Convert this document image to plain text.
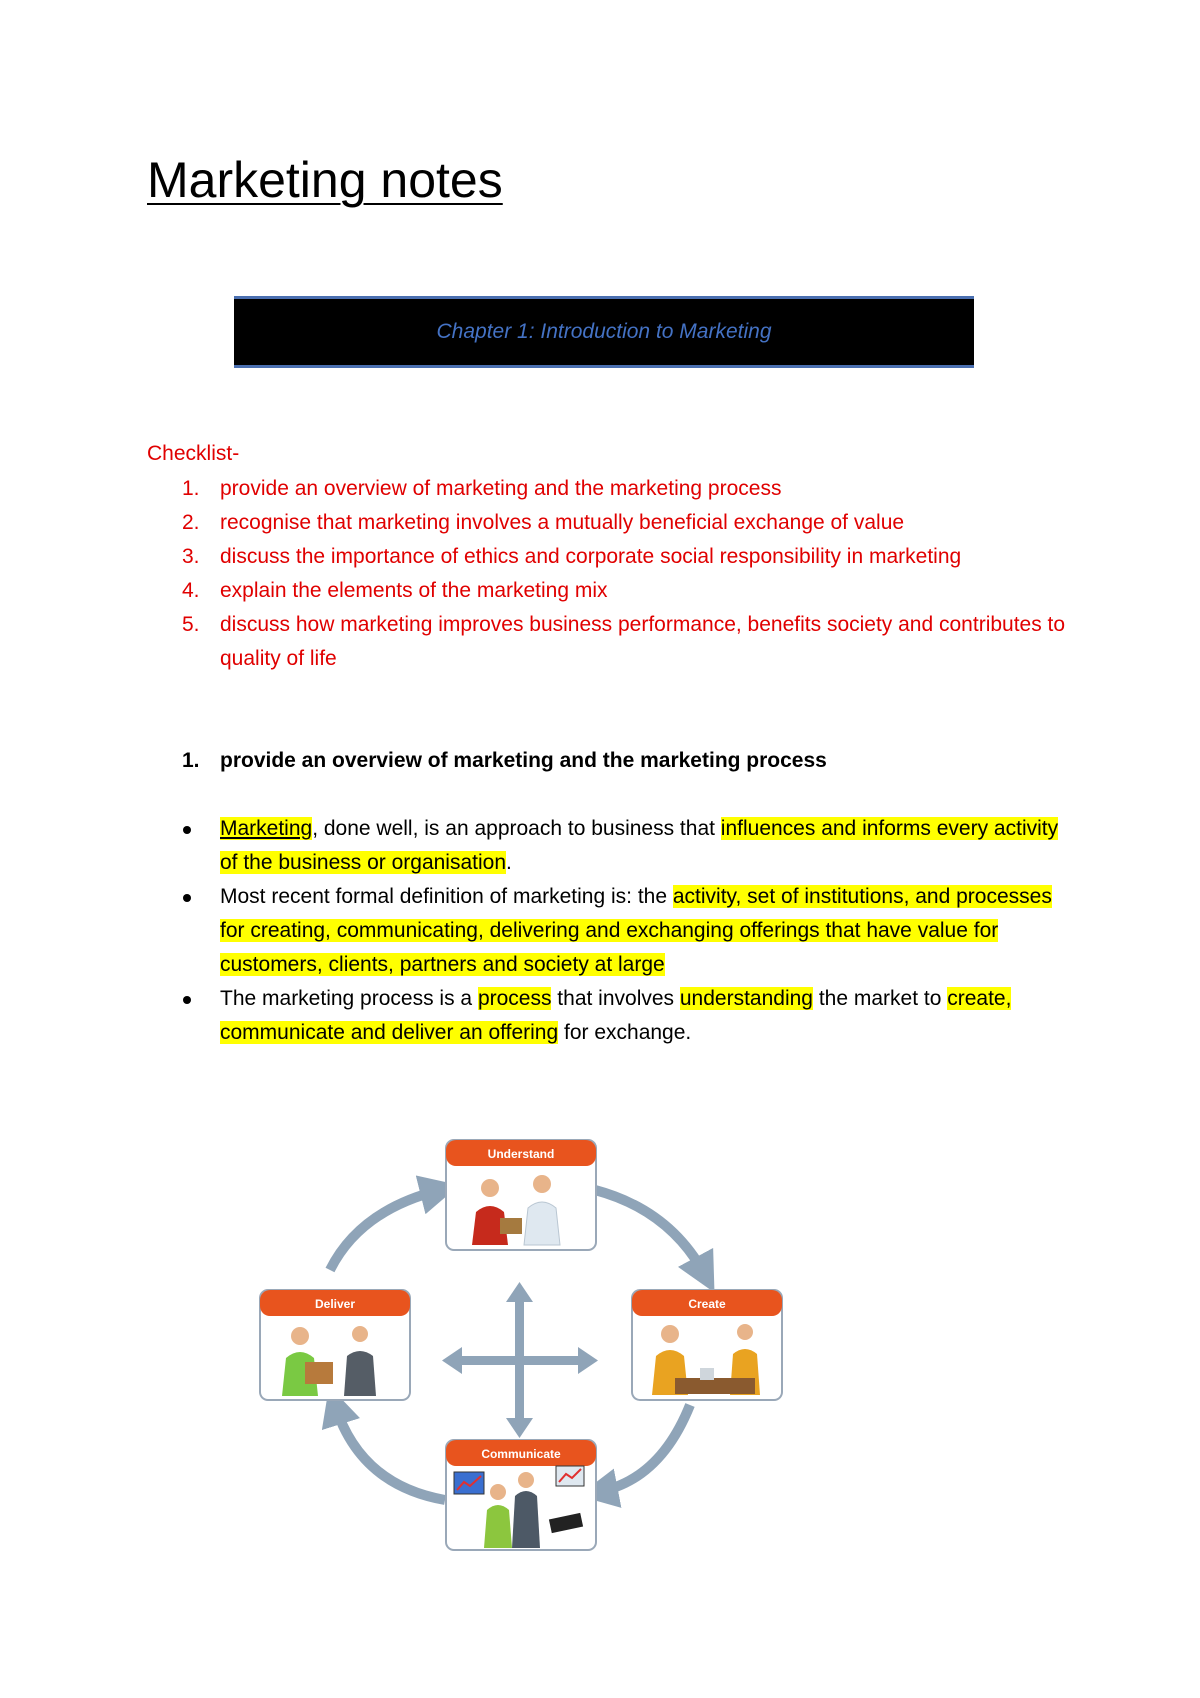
Marketing notes
Chapter 1: Introduction to Marketing
Checklist-
1. provide an overview of marketing and the marketing process
2. recognise that marketing involves a mutually beneficial exchange of value
3. discuss the importance of ethics and corporate social responsibility in marketing
4. explain the elements of the marketing mix
5. discuss how marketing improves business performance, benefits society and contributes to quality of life
1. provide an overview of marketing and the marketing process
Marketing, done well, is an approach to business that influences and informs every activity of the business or organisation.
Most recent formal definition of marketing is: the activity, set of institutions, and processes for creating, communicating, delivering and exchanging offerings that have value for customers, clients, partners and society at large
The marketing process is a process that involves understanding the market to create, communicate and deliver an offering for exchange.
Understand
Create
Deliver
Communicate
